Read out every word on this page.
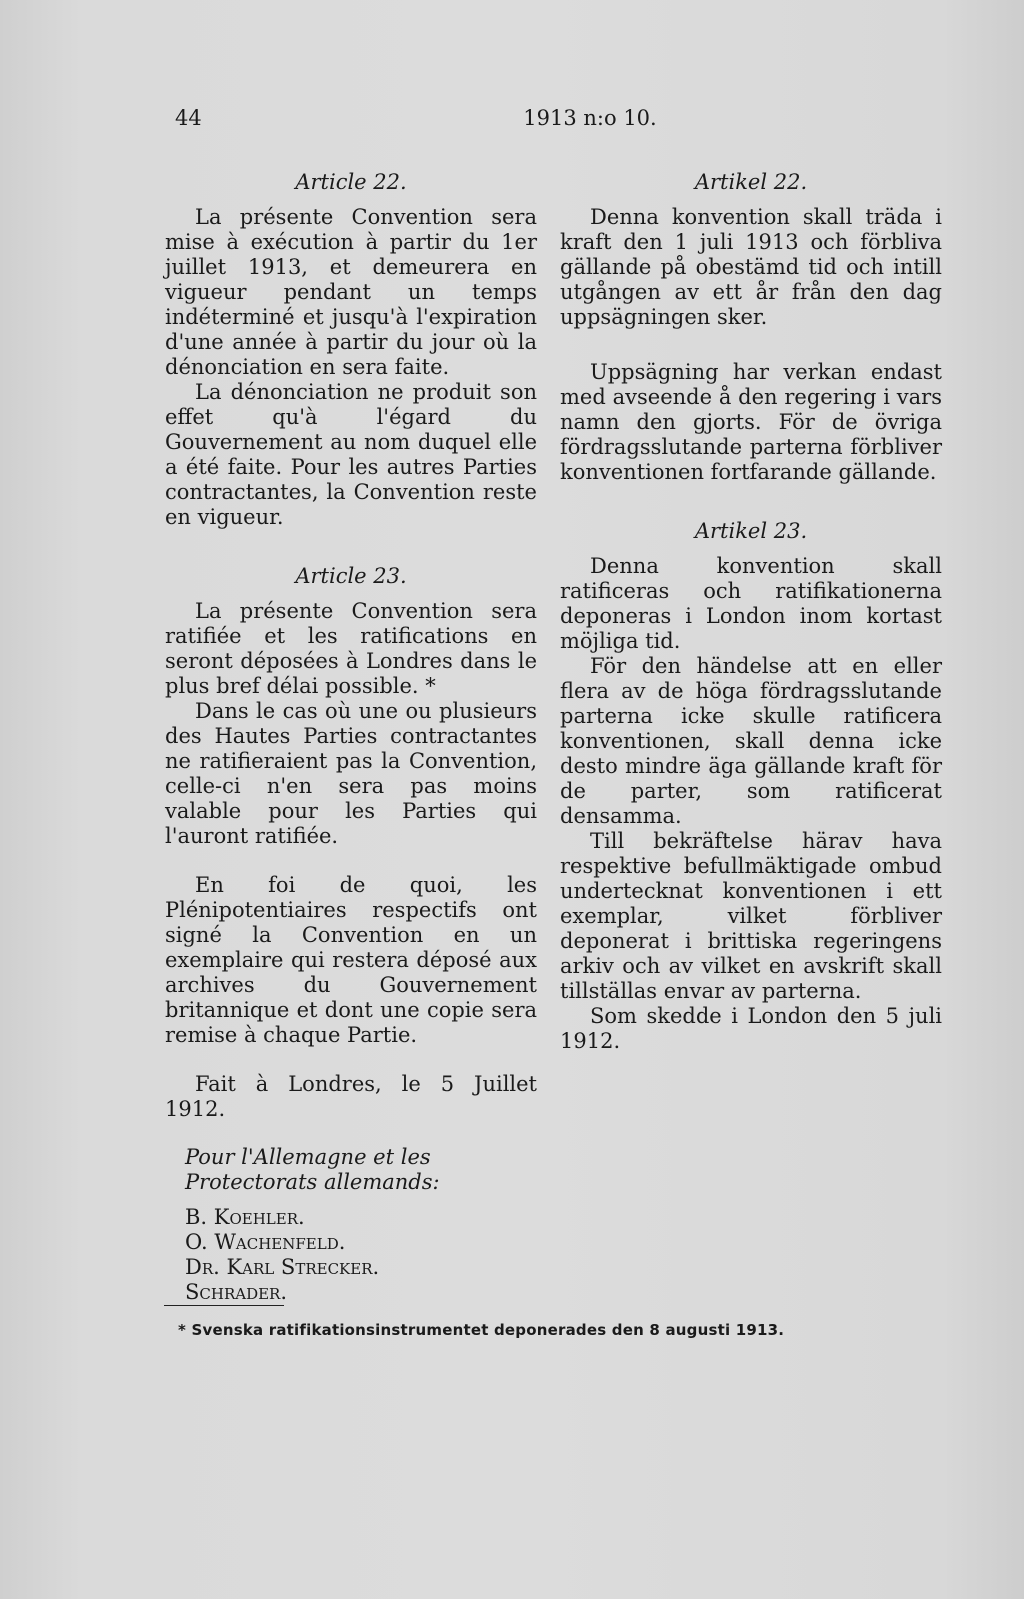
44	1913 n:o 10.
Article 22.

La présente Convention sera mise à exécution à partir du 1er juillet 1913, et demeurera en vigueur pendant un temps indéterminé et jusqu'à l'expiration d'une année à partir du jour où la dénonciation en sera faite.

La dénonciation ne produit son effet qu'à l'égard du Gouvernement au nom duquel elle a été faite. Pour les autres Parties contractantes, la Convention reste en vigueur.

Article 23.

La présente Convention sera ratifiée et les ratifications en seront déposées à Londres dans le plus bref délai possible. *

Dans le cas où une ou plusieurs des Hautes Parties contractantes ne ratifieraient pas la Convention, celle-ci n'en sera pas moins valable pour les Parties qui l'auront ratifiée.

En foi de quoi, les Plénipotentiaires respectifs ont signé la Convention en un exemplaire qui restera déposé aux archives du Gouvernement britannique et dont une copie sera remise à chaque Partie.

Fait à Londres, le 5 Juillet 1912.

Artikel 22.

Denna konvention skall träda i kraft den 1 juli 1913 och förbliva gällande på obestämd tid och intill utgången av ett år från den dag uppsägningen sker.

Uppsägning har verkan endast med avseende å den regering i vars namn den gjorts. För de övriga fördragsslutande parterna förbliver konventionen fortfarande gällande.

Artikel 23.

Denna konvention skall ratificeras och ratifikationerna deponeras i London inom kortast möjliga tid.

För den händelse att en eller flera av de höga fördragsslutande parterna icke skulle ratificera konventionen, skall denna icke desto mindre äga gällande kraft för de parter, som ratificerat densamma.

Till bekräftelse härav hava respektive befullmäktigade ombud undertecknat konventionen i ett exemplar, vilket förbliver deponerat i brittiska regeringens arkiv och av vilket en avskrift skall tillställas envar av parterna.

Som skedde i London den 5 juli 1912.

Pour l'Allemagne et les Protectorats allemands:

B. Koehler.

O. Wachenfeld.

Dr. Karl Strecker.

Schrader.

* Svenska ratifikationsinstrumentet deponerades den 8 augusti 1913.
